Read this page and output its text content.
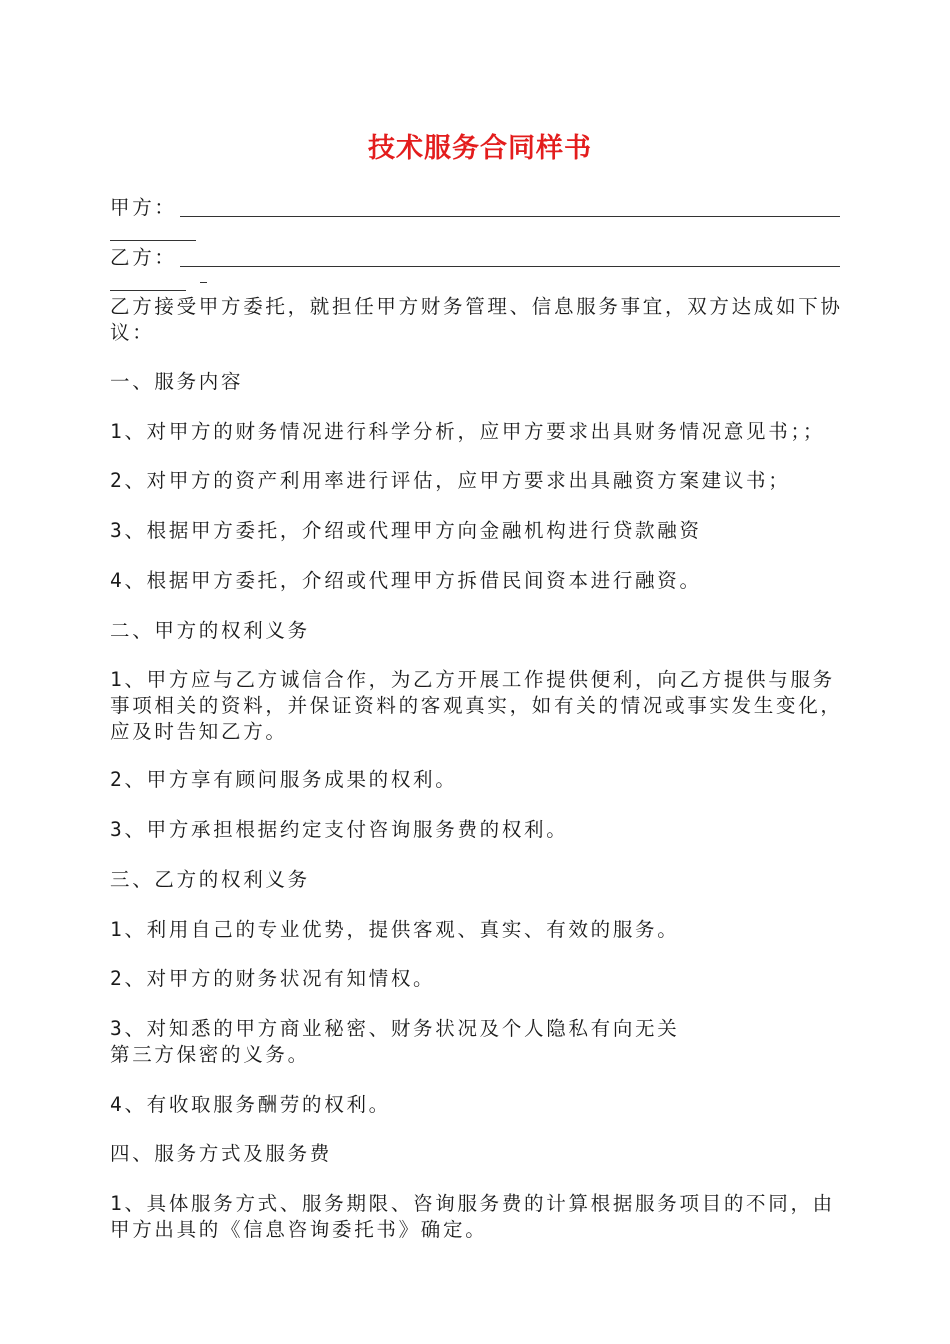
技术服务合同样书
甲方：
乙方：
乙方接受甲方委托，就担任甲方财务管理、信息服务事宜，双方达成如下协议：
一、服务内容
1、对甲方的财务情况进行科学分析，应甲方要求出具财务情况意见书；；
2、对甲方的资产利用率进行评估，应甲方要求出具融资方案建议书；
3、根据甲方委托，介绍或代理甲方向金融机构进行贷款融资
4、根据甲方委托，介绍或代理甲方拆借民间资本进行融资。
二、甲方的权利义务
1、甲方应与乙方诚信合作，为乙方开展工作提供便利，向乙方提供与服务事项相关的资料，并保证资料的客观真实，如有关的情况或事实发生变化，应及时告知乙方。
2、甲方享有顾问服务成果的权利。
3、甲方承担根据约定支付咨询服务费的权利。
三、乙方的权利义务
1、利用自己的专业优势，提供客观、真实、有效的服务。
2、对甲方的财务状况有知情权。
3、对知悉的甲方商业秘密、财务状况及个人隐私有向无关
第三方保密的义务。
4、有收取服务酬劳的权利。
四、服务方式及服务费
1、具体服务方式、服务期限、咨询服务费的计算根据服务项目的不同，由甲方出具的《信息咨询委托书》确定。
